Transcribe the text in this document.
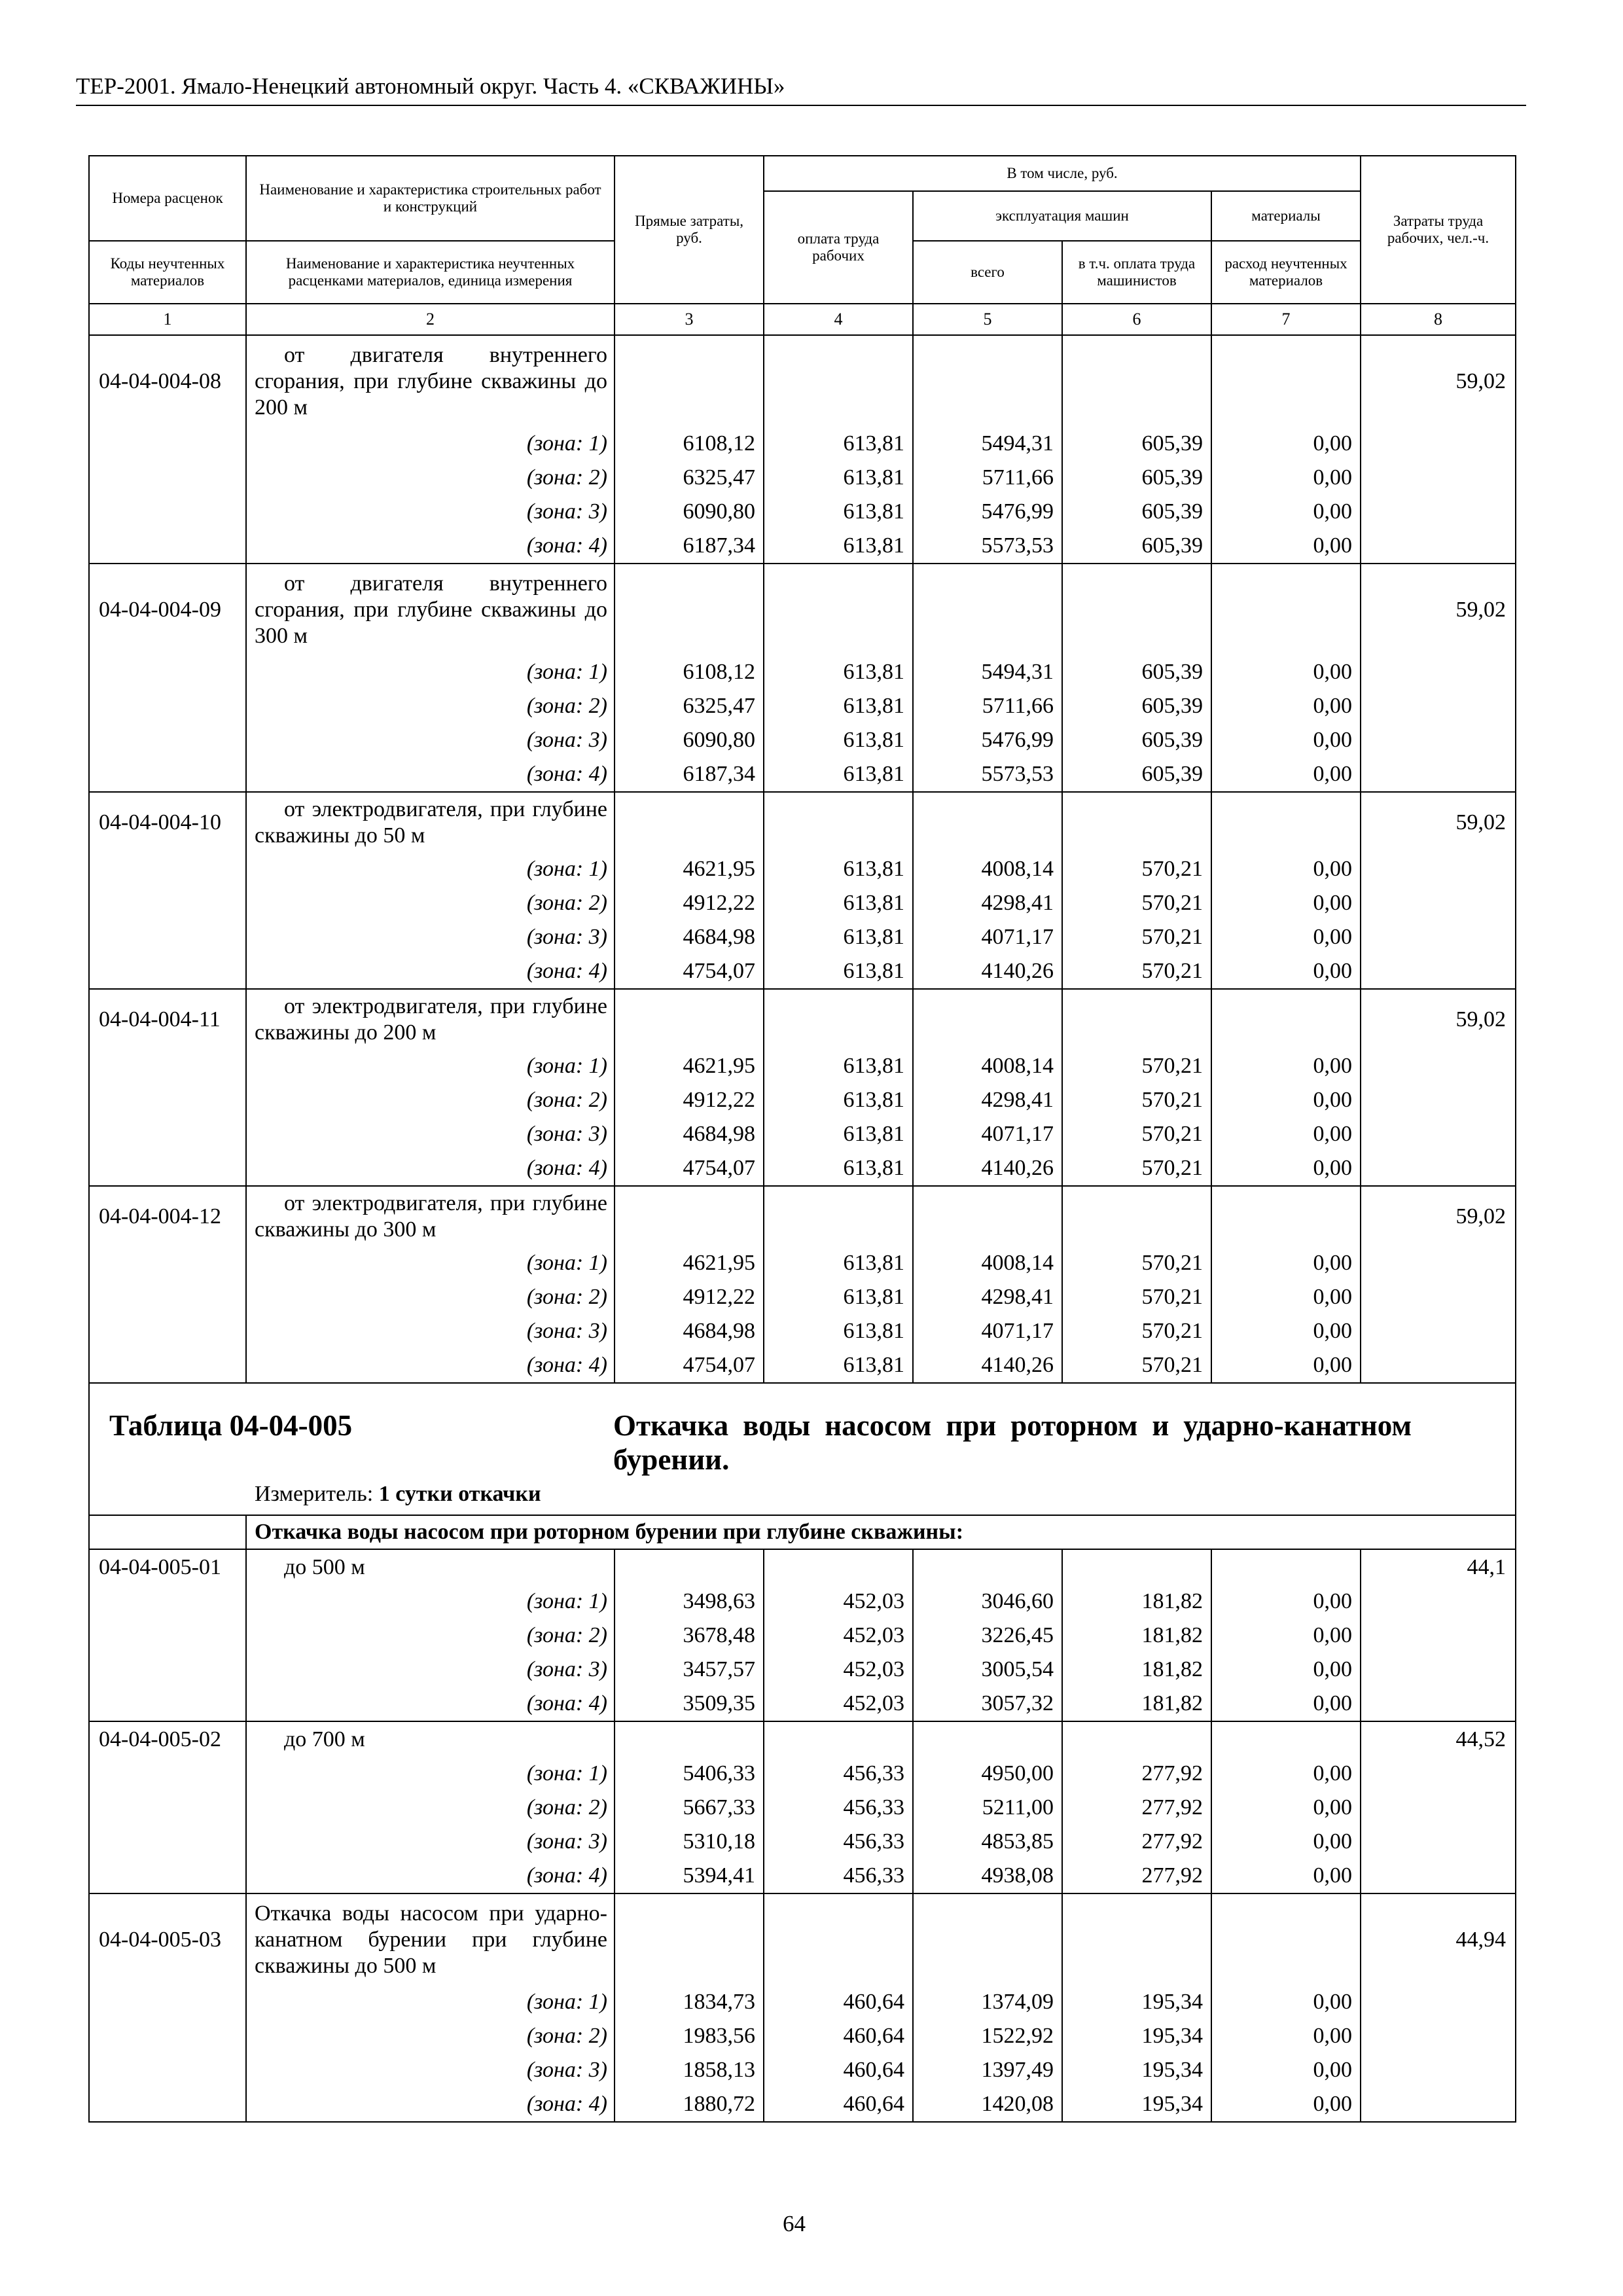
ТЕР-2001. Ямало-Ненецкий автономный округ. Часть 4. «СКВАЖИНЫ»
Номера расценок	Наименование и характеристика строительных работ и конструкций	Прямые затраты, руб.	В том числе, руб.				Затраты труда рабочих, чел.-ч.
			оплата труда рабочих	эксплуатация машин		материалы	
Коды неучтенных материалов	Наименование и характеристика неучтенных расценками материалов, единица измерения			всего	в т.ч. оплата труда машинистов	расход неучтенных материалов	
1	2	3	4	5	6	7	8
04-04-004-08	от двигателя внутреннего сгорания, при глубине скважины до 200 м						59,02
	(зона: 1)	6108,12	613,81	5494,31	605,39	0,00	
	(зона: 2)	6325,47	613,81	5711,66	605,39	0,00	
	(зона: 3)	6090,80	613,81	5476,99	605,39	0,00	
	(зона: 4)	6187,34	613,81	5573,53	605,39	0,00	
04-04-004-09	от двигателя внутреннего сгорания, при глубине скважины до 300 м						59,02
	(зона: 1)	6108,12	613,81	5494,31	605,39	0,00	
	(зона: 2)	6325,47	613,81	5711,66	605,39	0,00	
	(зона: 3)	6090,80	613,81	5476,99	605,39	0,00	
	(зона: 4)	6187,34	613,81	5573,53	605,39	0,00	
04-04-004-10	от электродвигателя, при глубине скважины до 50 м						59,02
	(зона: 1)	4621,95	613,81	4008,14	570,21	0,00	
	(зона: 2)	4912,22	613,81	4298,41	570,21	0,00	
	(зона: 3)	4684,98	613,81	4071,17	570,21	0,00	
	(зона: 4)	4754,07	613,81	4140,26	570,21	0,00	
04-04-004-11	от электродвигателя, при глубине скважины до 200 м						59,02
	(зона: 1)	4621,95	613,81	4008,14	570,21	0,00	
	(зона: 2)	4912,22	613,81	4298,41	570,21	0,00	
	(зона: 3)	4684,98	613,81	4071,17	570,21	0,00	
	(зона: 4)	4754,07	613,81	4140,26	570,21	0,00	
04-04-004-12	от электродвигателя, при глубине скважины до 300 м						59,02
	(зона: 1)	4621,95	613,81	4008,14	570,21	0,00	
	(зона: 2)	4912,22	613,81	4298,41	570,21	0,00	
	(зона: 3)	4684,98	613,81	4071,17	570,21	0,00	
	(зона: 4)	4754,07	613,81	4140,26	570,21	0,00	

Таблица 04-04-005 Откачка воды насосом при роторном и ударно-канатном бурении.
Измеритель: 1 сутки откачки							

	Откачка воды насосом при роторном бурении при глубине скважины:						
04-04-005-01	до 500 м						44,1
	(зона: 1)	3498,63	452,03	3046,60	181,82	0,00	
	(зона: 2)	3678,48	452,03	3226,45	181,82	0,00	
	(зона: 3)	3457,57	452,03	3005,54	181,82	0,00	
	(зона: 4)	3509,35	452,03	3057,32	181,82	0,00	
04-04-005-02	до 700 м						44,52
	(зона: 1)	5406,33	456,33	4950,00	277,92	0,00	
	(зона: 2)	5667,33	456,33	5211,00	277,92	0,00	
	(зона: 3)	5310,18	456,33	4853,85	277,92	0,00	
	(зона: 4)	5394,41	456,33	4938,08	277,92	0,00	
04-04-005-03	Откачка воды насосом при ударно-канатном бурении при глубине скважины до 500 м						44,94
	(зона: 1)	1834,73	460,64	1374,09	195,34	0,00	
	(зона: 2)	1983,56	460,64	1522,92	195,34	0,00	
	(зона: 3)	1858,13	460,64	1397,49	195,34	0,00	
	(зона: 4)	1880,72	460,64	1420,08	195,34	0,00	
64
